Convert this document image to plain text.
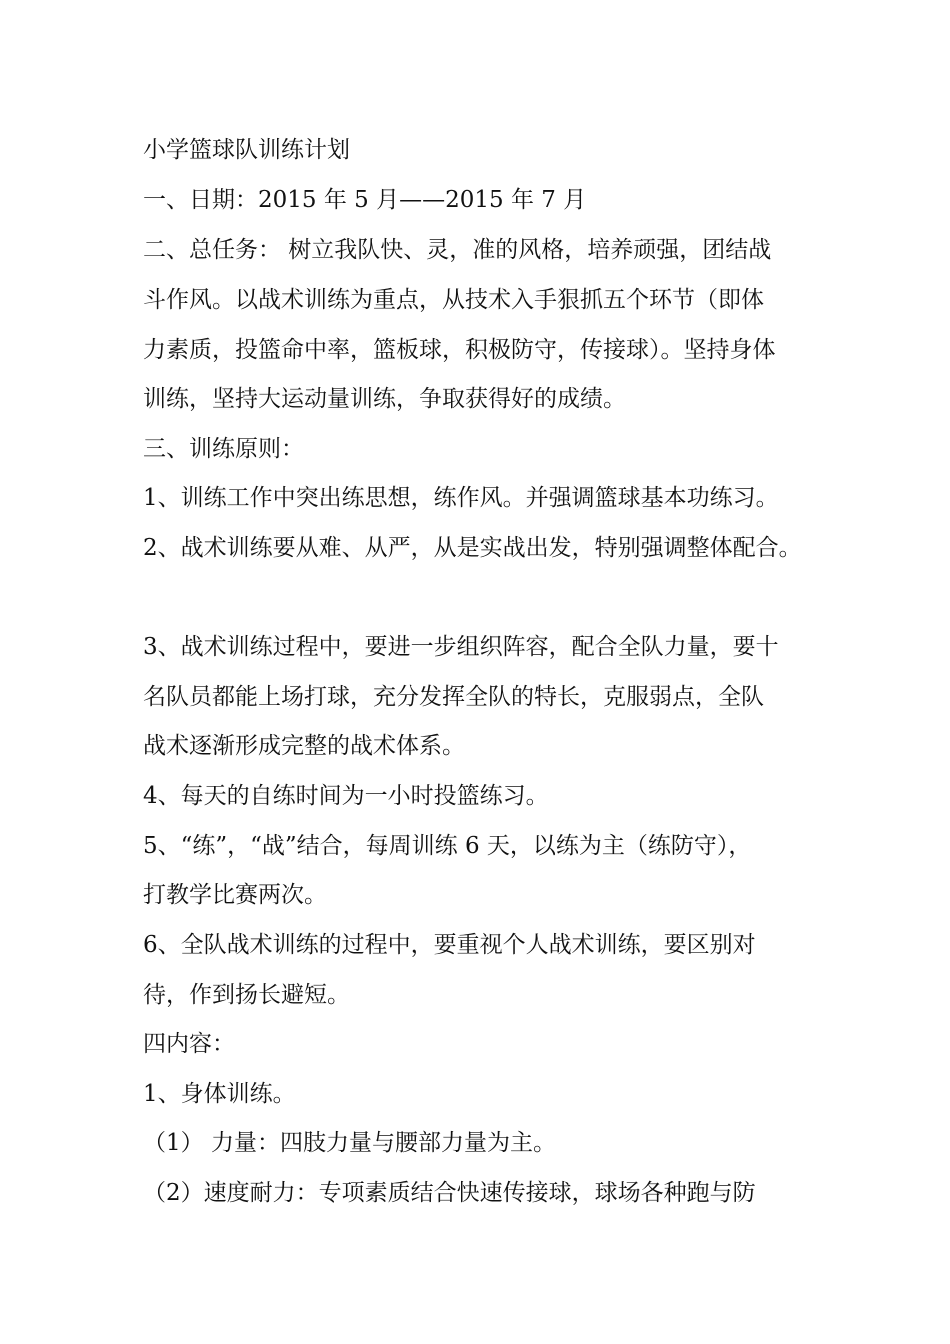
小学篮球队训练计划

一、日期：2015 年 5 月——2015 年 7 月

二、总任务： 树立我队快、灵，准的风格，培养顽强，团结战

斗作风。以战术训练为重点，从技术入手狠抓五个环节（即体

力素质，投篮命中率，篮板球，积极防守，传接球）。坚持身体

训练，坚持大运动量训练，争取获得好的成绩。

三、训练原则：

1、训练工作中突出练思想，练作风。并强调篮球基本功练习。

2、战术训练要从难、从严，从是实战出发，特别强调整体配合。

3、战术训练过程中，要进一步组织阵容，配合全队力量，要十

名队员都能上场打球，充分发挥全队的特长，克服弱点，全队

战术逐渐形成完整的战术体系。

4、每天的自练时间为一小时投篮练习。

5、“练”，“战”结合，每周训练 6 天，以练为主（练防守），

打教学比赛两次。

6、全队战术训练的过程中，要重视个人战术训练，要区别对

待，作到扬长避短。

四内容：

1、身体训练。

（1） 力量：四肢力量与腰部力量为主。

（2）速度耐力：专项素质结合快速传接球，球场各种跑与防
